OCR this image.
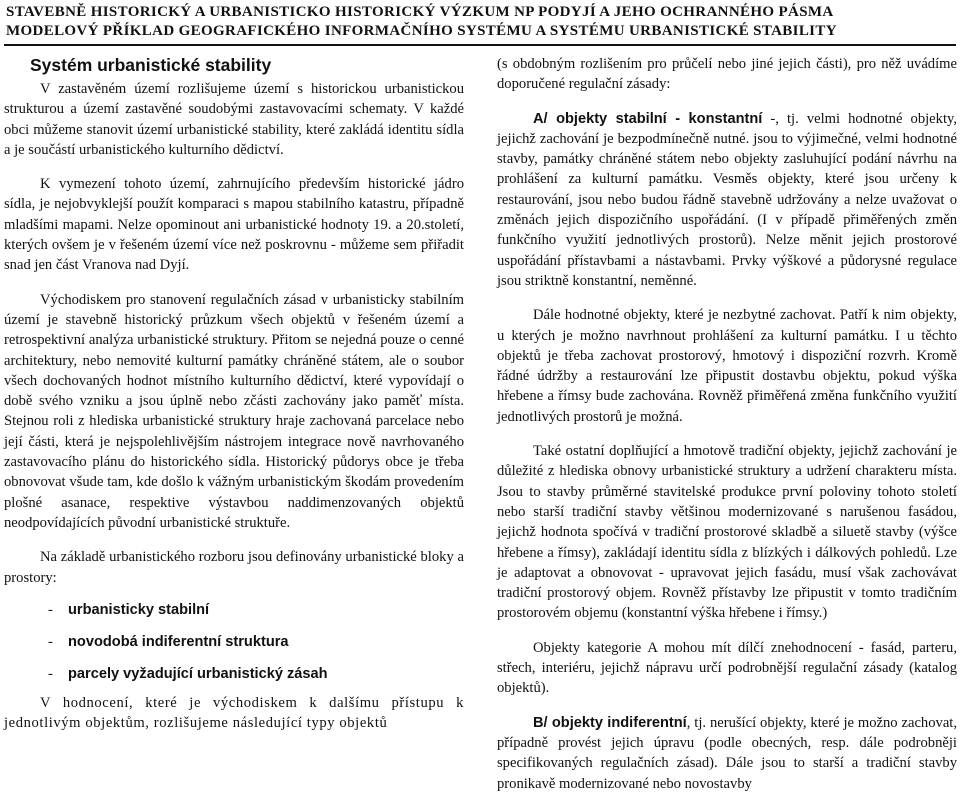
STAVEBNĚ HISTORICKÝ A URBANISTICKO HISTORICKÝ VÝZKUM NP PODYJÍ A JEHO OCHRANNÉHO PÁSMA
MODELOVÝ PŘÍKLAD GEOGRAFICKÉHO INFORMAČNÍHO SYSTÉMU A SYSTÉMU URBANISTICKÉ STABILITY
Systém urbanistické stability

V zastavěném území rozlišujeme území s historickou urbanistickou strukturou a území zastavěné soudobými zastavovacími schematy. V každé obci můžeme stanovit území urbanistické stability, které zakládá identitu sídla a je součástí urbanistického kulturního dědictví.

K vymezení tohoto území, zahrnujícího především historické jádro sídla, je nejobvyklejší použít komparaci s mapou stabilního katastru, případně mladšími mapami. Nelze opominout ani urbanistické hodnoty 19. a 20.století, kterých ovšem je v řešeném území více než poskrovnu - můžeme sem přiřadit snad jen část Vranova nad Dyjí.

Východiskem pro stanovení regulačních zásad v urbanisticky stabilním území je stavebně historický průzkum všech objektů v řešeném území a retrospektivní analýza urbanistické struktury. Přitom se nejedná pouze o cenné architektury, nebo nemovité kulturní památky chráněné státem, ale o soubor všech dochovaných hodnot místního kulturního dědictví, které vypovídají o době svého vzniku a jsou úplně nebo zčásti zachovány jako paměť místa. Stejnou roli z hlediska urbanistické struktury hraje zachovaná parcelace nebo její části, která je nejspolehlivějším nástrojem integrace nově navrhovaného zastavovacího plánu do historického sídla. Historický půdorys obce je třeba obnovovat všude tam, kde došlo k vážným urbanistickým škodám provedením plošné asanace, respektive výstavbou naddimenzovaných objektů neodpovídajících původní urbanistické struktuře.

Na základě urbanistického rozboru jsou definovány urbanistické bloky a prostory:

- urbanisticky stabilní
- novodobá indiferentní struktura
- parcely vyžadující urbanistický zásah

V hodnocení, které je východiskem k dalšímu přístupu k jednotlivým objektům, rozlišujeme následující typy objektů

(s obdobným rozlišením pro průčelí nebo jiné jejich části), pro něž uvádíme doporučené regulační zásady:

A/ objekty stabilní - konstantní -, tj. velmi hodnotné objekty, jejichž zachování je bezpodmínečně nutné. jsou to výjimečné, velmi hodnotné stavby, památky chráněné státem nebo objekty zasluhující podání návrhu na prohlášení za kulturní památku. Vesměs objekty, které jsou určeny k restaurování, jsou nebo budou řádně stavebně udržovány a nelze uvažovat o změnách jejich dispozičního uspořádání. (I v případě přiměřených změn funkčního využití jednotlivých prostorů). Nelze měnit jejich prostorové uspořádání přístavbami a nástavbami. Prvky výškové a půdorysné regulace jsou striktně konstantní, neměnné.

Dále hodnotné objekty, které je nezbytné zachovat. Patří k nim objekty, u kterých je možno navrhnout prohlášení za kulturní památku. I u těchto objektů je třeba zachovat prostorový, hmotový i dispoziční rozvrh. Kromě řádné údržby a restaurování lze připustit dostavbu objektu, pokud výška hřebene a římsy bude zachována. Rovněž přiměřená změna funkčního využití jednotlivých prostorů je možná.

Také ostatní doplňující a hmotově tradiční objekty, jejichž zachování je důležité z hlediska obnovy urbanistické struktury a udržení charakteru místa. Jsou to stavby průměrné stavitelské produkce první poloviny tohoto století nebo starší tradiční stavby většinou modernizované s narušenou fasádou, jejichž hodnota spočívá v tradiční prostorové skladbě a siluetě stavby (výšce hřebene a římsy), zakládají identitu sídla z blízkých i dálkových pohledů. Lze je adaptovat a obnovovat - upravovat jejich fasádu, musí však zachovávat tradiční prostorový objem. Rovněž přístavby lze připustit v tomto tradičním prostorovém objemu (konstantní výška hřebene i římsy.)

Objekty kategorie A mohou mít dílčí znehodnocení - fasád, parteru, střech, interiéru, jejichž nápravu určí podrobnější regulační zásady (katalog objektů).

B/ objekty indiferentní, tj. nerušící objekty, které je možno zachovat, případně provést jejich úpravu (podle obecných, resp. dále podrobněji specifikovaných regulačních zásad). Dále jsou to starší a tradiční stavby pronikavě modernizované nebo novostavby
